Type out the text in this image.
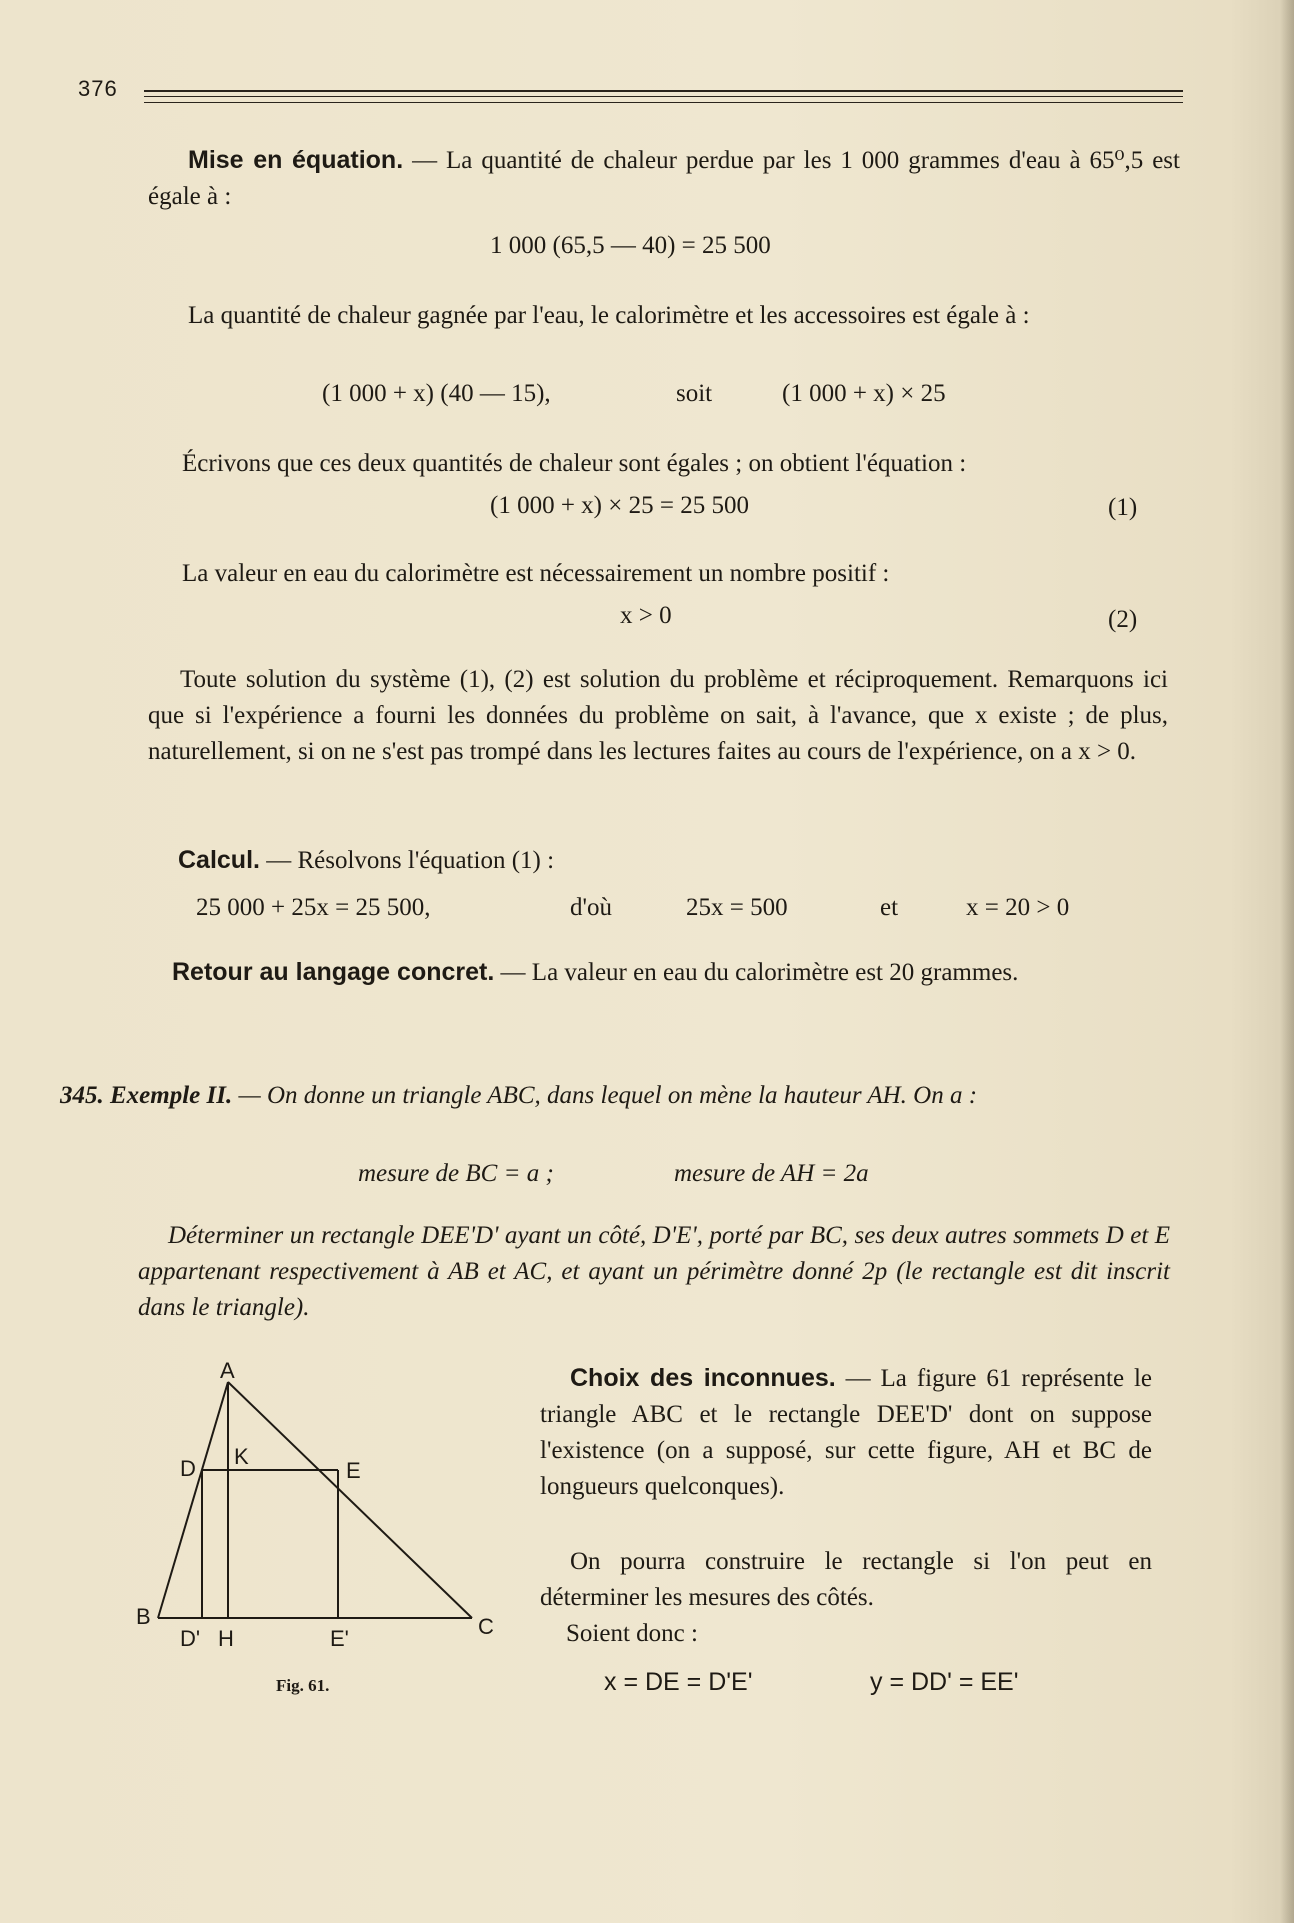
376

Mise en équation. — La quantité de chaleur perdue par les 1 000 grammes d'eau à 65⁰,5 est égale à :

1 000 (65,5 — 40) = 25 500

La quantité de chaleur gagnée par l'eau, le calorimètre et les accessoires est égale à :

(1 000 + x) (40 — 15),	soit	(1 000 + x) × 25

Écrivons que ces deux quantités de chaleur sont égales ; on obtient l'équation :

(1 000 + x) × 25 = 25 500	(1)

La valeur en eau du calorimètre est nécessairement un nombre positif :

x > 0	(2)

Toute solution du système (1), (2) est solution du problème et réciproquement. Remarquons ici que si l'expérience a fourni les données du problème on sait, à l'avance, que x existe ; de plus, naturellement, si on ne s'est pas trompé dans les lectures faites au cours de l'expérience, on a x > 0.

Calcul. — Résolvons l'équation (1) :

25 000 + 25x = 25 500,	d'où	25x = 500	et	x = 20 > 0

Retour au langage concret. — La valeur en eau du calorimètre est 20 grammes.

345. Exemple II. — On donne un triangle ABC, dans lequel on mène la hauteur AH. On a :

mesure de BC = a ;	mesure de AH = 2a

Déterminer un rectangle DEE'D' ayant un côté, D'E', porté par BC, ses deux autres sommets D et E appartenant respectivement à AB et AC, et ayant un périmètre donné 2p (le rectangle est dit inscrit dans le triangle).

Choix des inconnues. — La figure 61 représente le triangle ABC et le rectangle DEE'D' dont on suppose l'existence (on a supposé, sur cette figure, AH et BC de longueurs quelconques).

On pourra construire le rectangle si l'on peut en déterminer les mesures des côtés.

Soient donc :

x = DE = D'E'	y = DD' = EE'
A
B	C
D	E
K
H
D'	E'
Fig. 61.
